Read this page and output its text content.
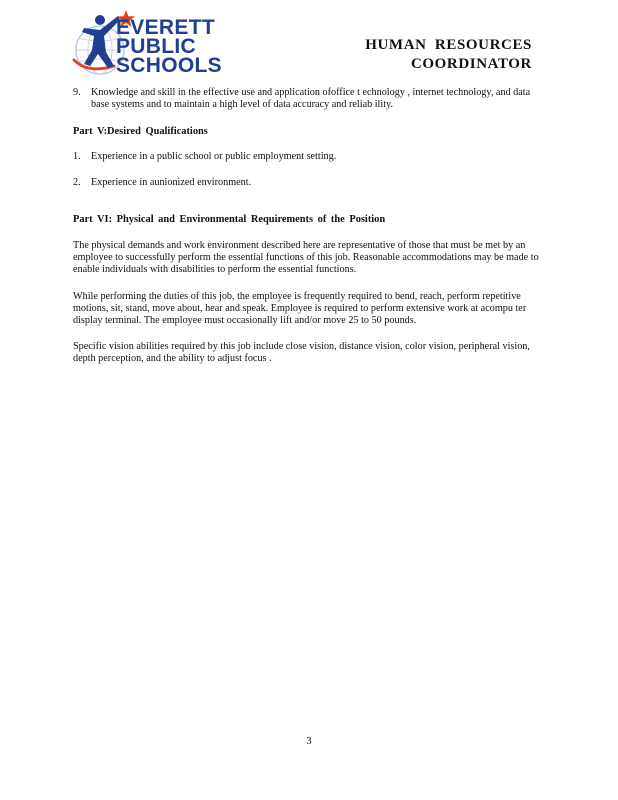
EVERETT
PUBLIC
SCHOOLS
HUMAN RESOURCES
COORDINATOR
9.	Knowledge and skill in the effective use and application ofoffice t echnology , internet technology, and data base systems and to maintain a high level of data accuracy and reliab ility.
Part V:Desired Qualifications
1.	Experience in a public school or public employment setting.
2.	Experience in aunionized environment.
Part VI: Physical and Environmental Requirements of the Position

The physical demands and work environment described here are representative of those that must be met by an employee to successfully perform the essential functions of this job. Reasonable accommodations may be made to enable individuals with disabilities to perform the essential functions.

While performing the duties of this job, the employee is frequently required to bend, reach, perform repetitive motions, sit, stand, move about, hear and speak. Employee is required to perform extensive work at acompu ter display terminal. The employee must occasionally lift and/or move 25 to 50 pounds.

Specific vision abilities required by this job include close vision, distance vision, color vision, peripheral vision, depth perception, and the ability to adjust focus .

3
